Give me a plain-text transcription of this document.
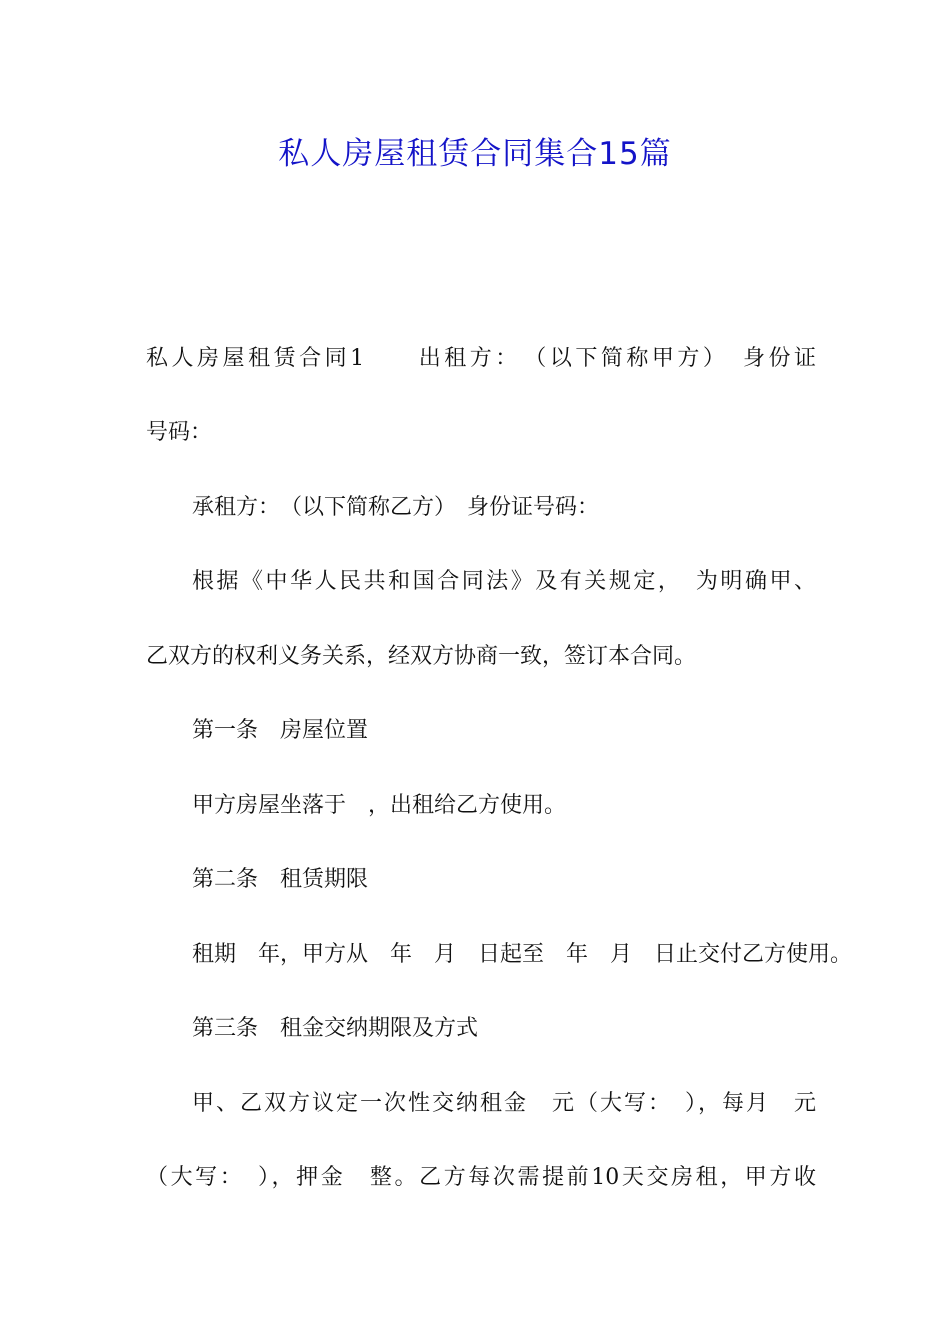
私人房屋租赁合同集合15篇

私人房屋租赁合同1　　出租方：　（以下简称甲方）　身份证

号码：

承租方：　（以下简称乙方）　身份证号码：

根据《中华人民共和国合同法》及有关规定，　为明确甲、

乙双方的权利义务关系，经双方协商一致，签订本合同。

第一条　房屋位置

甲方房屋坐落于　，出租给乙方使用。

第二条　租赁期限

租期　年，甲方从　年　月　日起至　年　月　日止交付乙方使用。

第三条　租金交纳期限及方式

甲、乙双方议定一次性交纳租金　元（大写：　），每月　元

（大写：　），押金　整。乙方每次需提前10天交房租，甲方收
